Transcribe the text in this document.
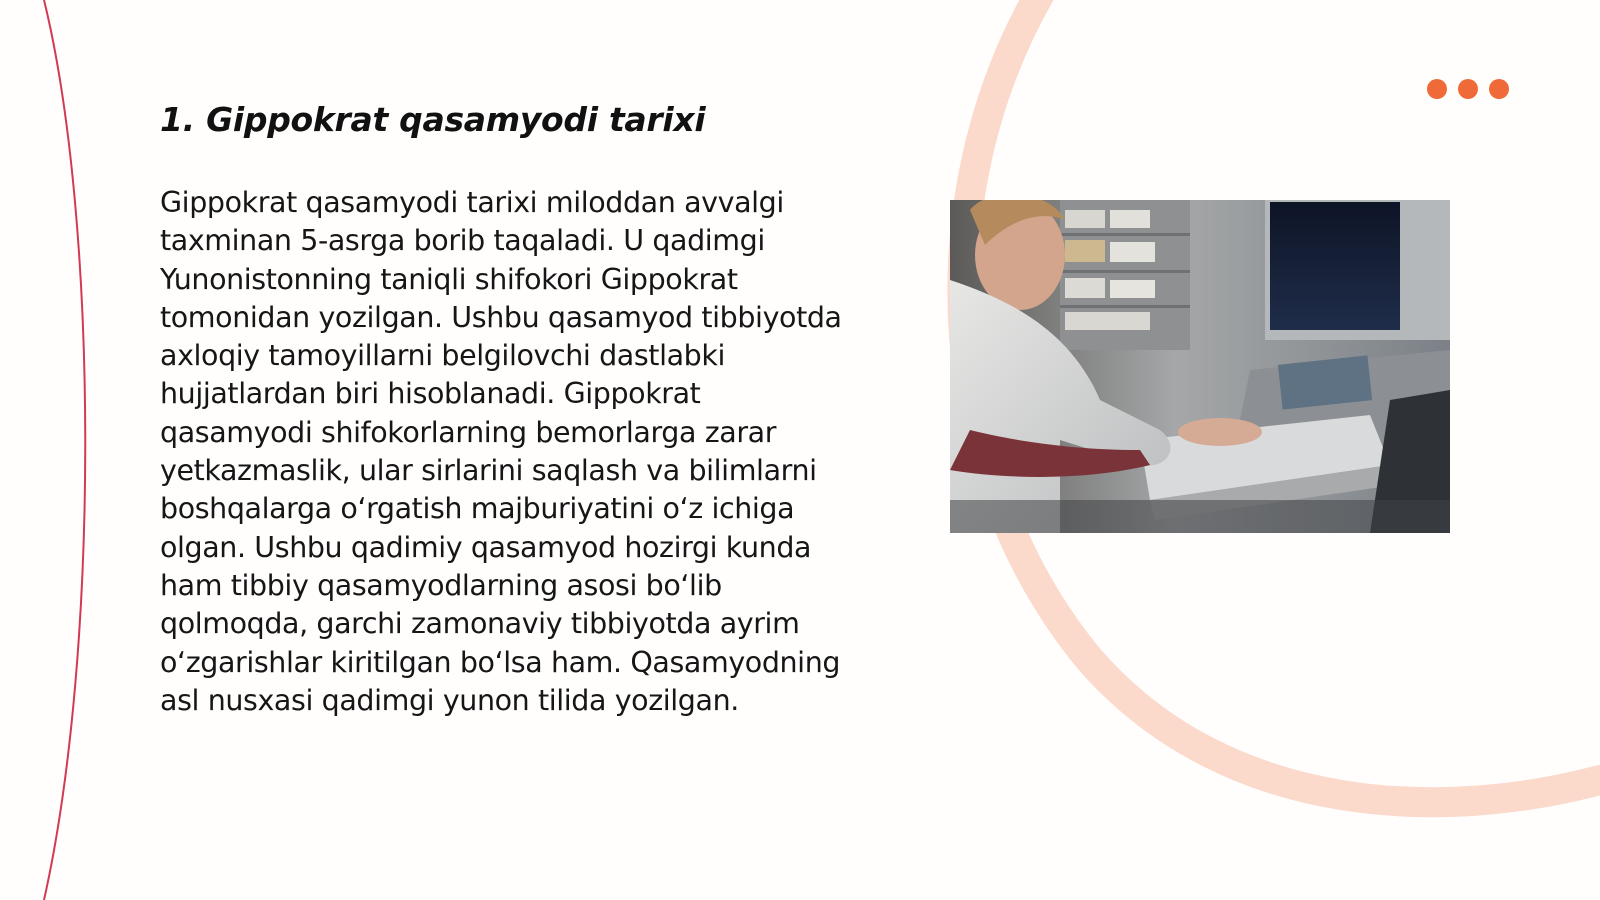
1. Gippokrat qasamyodi tarixi

Gippokrat qasamyodi tarixi miloddan avvalgi taxminan 5-asrga borib taqaladi. U qadimgi Yunonistonning taniqli shifokori Gippokrat tomonidan yozilgan. Ushbu qasamyod tibbiyotda axloqiy tamoyillarni belgilovchi dastlabki hujjatlardan biri hisoblanadi. Gippokrat qasamyodi shifokorlarning bemorlarga zarar yetkazmaslik, ular sirlarini saqlash va bilimlarni boshqalarga oʻrgatish majburiyatini oʻz ichiga olgan. Ushbu qadimiy qasamyod hozirgi kunda ham tibbiy qasamyodlarning asosi boʻlib qolmoqda, garchi zamonaviy tibbiyotda ayrim oʻzgarishlar kiritilgan boʻlsa ham. Qasamyodning asl nusxasi qadimgi yunon tilida yozilgan.
